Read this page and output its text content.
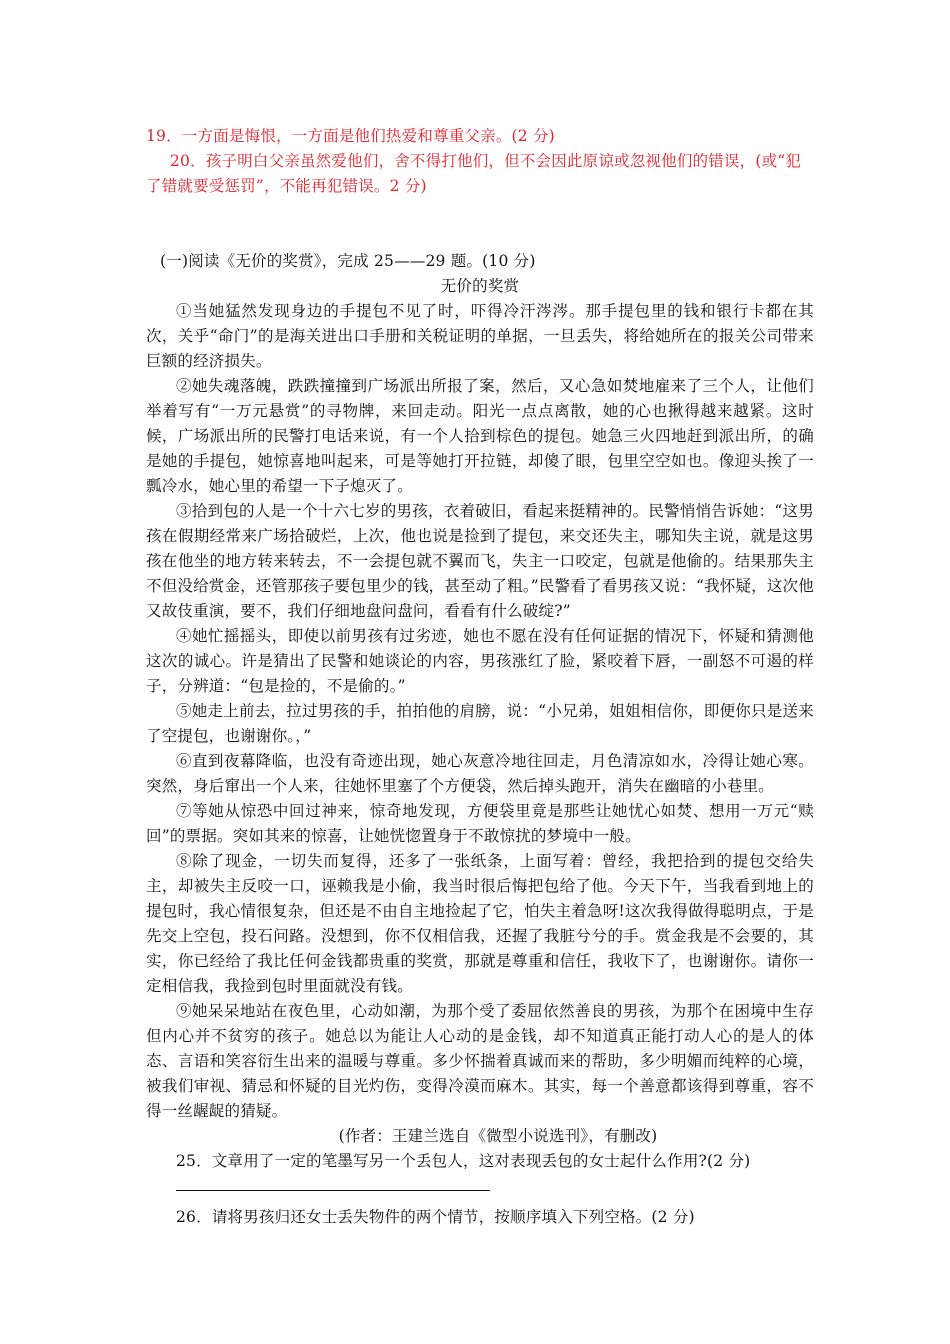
19．一方面是悔恨，一方面是他们热爱和尊重父亲。(2 分)

20．孩子明白父亲虽然爱他们，舍不得打他们，但不会因此原谅或忽视他们的错误，(或“犯了错就要受惩罚”，不能再犯错误。2 分)

(一)阅读《无价的奖赏》，完成 25——29 题。(10 分)

无价的奖赏

①当她猛然发现身边的手提包不见了时，吓得冷汗涔涔。那手提包里的钱和银行卡都在其次，关乎“命门”的是海关进出口手册和关税证明的单据，一旦丢失，将给她所在的报关公司带来巨额的经济损失。

②她失魂落魄，跌跌撞撞到广场派出所报了案，然后，又心急如焚地雇来了三个人，让他们举着写有“一万元悬赏”的寻物牌，来回走动。阳光一点点离散，她的心也揪得越来越紧。这时候，广场派出所的民警打电话来说，有一个人拾到棕色的提包。她急三火四地赶到派出所，的确是她的手提包，她惊喜地叫起来，可是等她打开拉链，却傻了眼，包里空空如也。像迎头挨了一瓢冷水，她心里的希望一下子熄灭了。

③拾到包的人是一个十六七岁的男孩，衣着破旧，看起来挺精神的。民警悄悄告诉她：“这男孩在假期经常来广场拾破烂，上次，他也说是捡到了提包，来交还失主，哪知失主说，就是这男孩在他坐的地方转来转去，不一会提包就不翼而飞，失主一口咬定，包就是他偷的。结果那失主不但没给赏金，还管那孩子要包里少的钱，甚至动了粗。”民警看了看男孩又说：“我怀疑，这次他又故伎重演，要不，我们仔细地盘问盘问，看看有什么破绽?”

④她忙摇摇头，即使以前男孩有过劣迹，她也不愿在没有任何证据的情况下，怀疑和猜测他这次的诚心。许是猜出了民警和她谈论的内容，男孩涨红了脸，紧咬着下唇，一副怒不可遏的样子，分辨道：“包是捡的，不是偷的。”

⑤她走上前去，拉过男孩的手，拍拍他的肩膀，说：“小兄弟，姐姐相信你，即便你只是送来了空提包，也谢谢你。，”

⑥直到夜幕降临，也没有奇迹出现，她心灰意冷地往回走，月色清凉如水，冷得让她心寒。突然，身后窜出一个人来，往她怀里塞了个方便袋，然后掉头跑开，消失在幽暗的小巷里。

⑦等她从惊恐中回过神来，惊奇地发现，方便袋里竟是那些让她忧心如焚、想用一万元“赎回”的票据。突如其来的惊喜，让她恍惚置身于不敢惊扰的梦境中一般。

⑧除了现金，一切失而复得，还多了一张纸条，上面写着：曾经，我把拾到的提包交给失主，却被失主反咬一口，诬赖我是小偷，我当时很后悔把包给了他。今天下午，当我看到地上的提包时，我心情很复杂，但还是不由自主地捡起了它，怕失主着急呀!这次我得做得聪明点，于是先交上空包，投石问路。没想到，你不仅相信我，还握了我脏兮兮的手。赏金我是不会要的，其实，你已经给了我比任何金钱都贵重的奖赏，那就是尊重和信任，我收下了，也谢谢你。请你一定相信我，我捡到包时里面就没有钱。

⑨她呆呆地站在夜色里，心动如潮，为那个受了委屈依然善良的男孩，为那个在困境中生存但内心并不贫穷的孩子。她总以为能让人心动的是金钱，却不知道真正能打动人心的是人的体态、言语和笑容衍生出来的温暖与尊重。多少怀揣着真诚而来的帮助，多少明媚而纯粹的心境，被我们审视、猜忌和怀疑的目光灼伤，变得冷漠而麻木。其实，每一个善意都该得到尊重，容不得一丝龌龊的猜疑。

(作者：王建兰选自《微型小说选刊》，有删改)

25．文章用了一定的笔墨写另一个丢包人，这对表现丢包的女士起什么作用?(2 分)

26．请将男孩归还女士丢失物件的两个情节，按顺序填入下列空格。(2 分)
